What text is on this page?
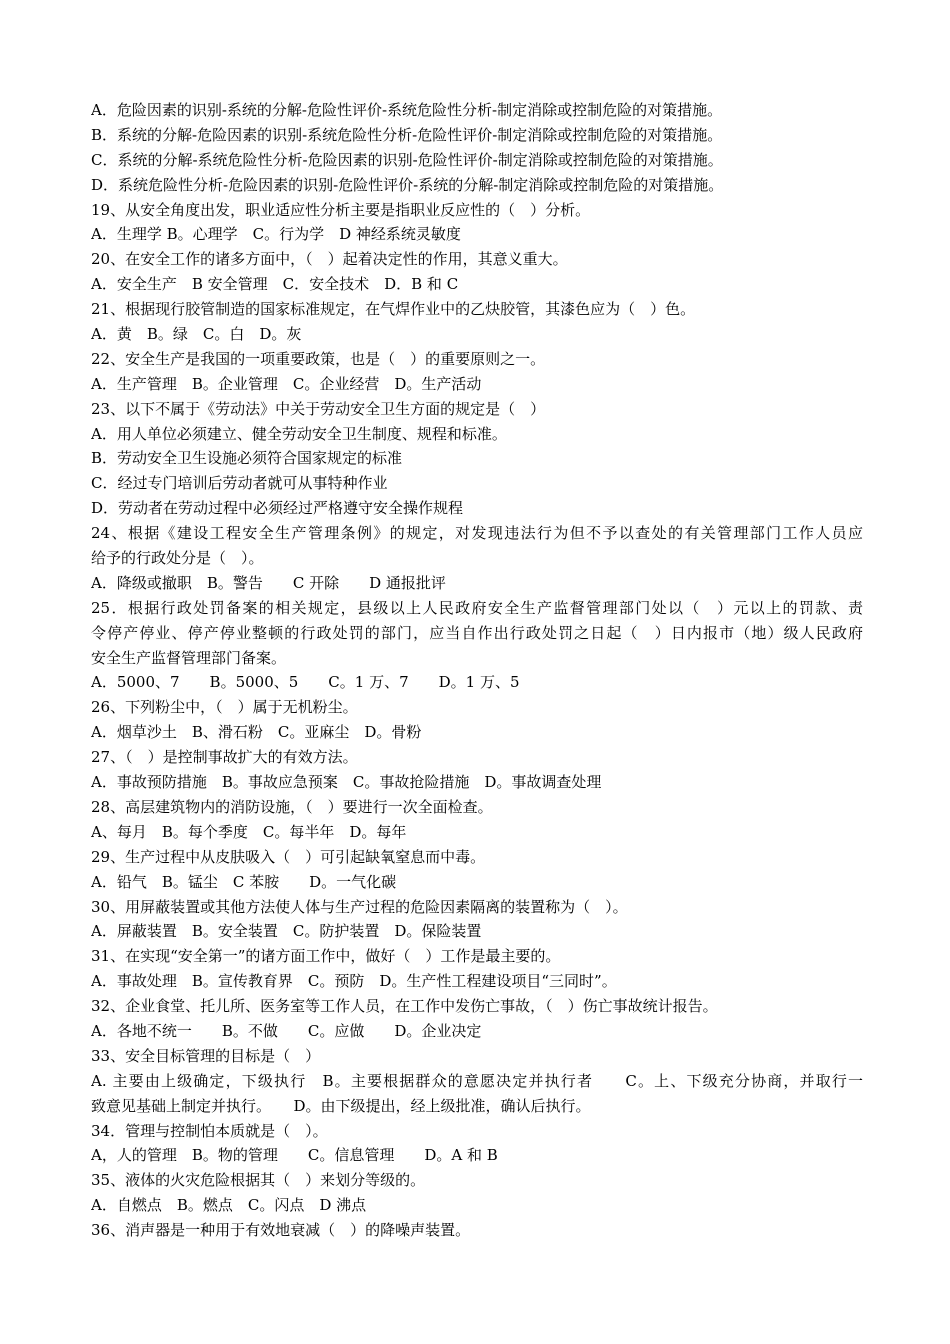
A．危险因素的识别-系统的分解-危险性评价-系统危险性分析-制定消除或控制危险的对策措施。
B．系统的分解-危险因素的识别-系统危险性分析-危险性评价-制定消除或控制危险的对策措施。
C．系统的分解-系统危险性分析-危险因素的识别-危险性评价-制定消除或控制危险的对策措施。
D．系统危险性分析-危险因素的识别-危险性评价-系统的分解-制定消除或控制危险的对策措施。
19、从安全角度出发，职业适应性分析主要是指职业反应性的（　）分析。
A．生理学 B。心理学　C。行为学　D 神经系统灵敏度
20、在安全工作的诸多方面中，（　）起着决定性的作用，其意义重大。
A．安全生产　B 安全管理　C．安全技术　D．B 和 C
21、根据现行胶管制造的国家标准规定，在气焊作业中的乙炔胶管，其漆色应为（　）色。
A．黄　B。绿　C。白　D。灰
22、安全生产是我国的一项重要政策，也是（　）的重要原则之一。
A．生产管理　B。企业管理　C。企业经营　D。生产活动
23、以下不属于《劳动法》中关于劳动安全卫生方面的规定是（　）
A．用人单位必须建立、健全劳动安全卫生制度、规程和标准。
B．劳动安全卫生设施必须符合国家规定的标准
C．经过专门培训后劳动者就可从事特种作业
D．劳动者在劳动过程中必须经过严格遵守安全操作规程
24、根据《建设工程安全生产管理条例》的规定，对发现违法行为但不予以查处的有关管理部门工作人员应
给予的行政处分是（　）。
A．降级或撤职　B。警告　　C 开除　　D 通报批评
25．根据行政处罚备案的相关规定，县级以上人民政府安全生产监督管理部门处以（　）元以上的罚款、责
令停产停业、停产停业整顿的行政处罚的部门，应当自作出行政处罚之日起（　）日内报市（地）级人民政府
安全生产监督管理部门备案。
A．5000、7　　B。5000、5　　C。1 万、7　　D。1 万、5
26、下列粉尘中，（　）属于无机粉尘。
A．烟草沙土　B、滑石粉　C。亚麻尘　D。骨粉
27、（　）是控制事故扩大的有效方法。
A．事故预防措施　B。事故应急预案　C。事故抢险措施　D。事故调查处理
28、高层建筑物内的消防设施，（　）要进行一次全面检查。
A、每月　B。每个季度　C。每半年　D。每年
29、生产过程中从皮肤吸入（　）可引起缺氧窒息而中毒。
A．铅气　B。锰尘　C 苯胺　　D。一气化碳
30、用屏蔽装置或其他方法使人体与生产过程的危险因素隔离的装置称为（　）。
A．屏蔽装置　B。安全装置　C。防护装置　D。保险装置
31、在实现“安全第一”的诸方面工作中，做好（　）工作是最主要的。
A．事故处理　B。宣传教育界　C。预防　D。生产性工程建设项目“三同时”。
32、企业食堂、托儿所、医务室等工作人员，在工作中发伤亡事故，（　）伤亡事故统计报告。
A．各地不统一　　B。不做　　C。应做　　D。企业决定
33、安全目标管理的目标是（　）
A. 主要由上级确定，下级执行　B。主要根据群众的意愿决定并执行者　　C。上、下级充分协商，并取行一
致意见基础上制定并执行。　　D。由下级提出，经上级批准，确认后执行。
34．管理与控制怕本质就是（　）。
A，人的管理　B。物的管理　　C。信息管理　　D。A 和 B
35、液体的火灾危险根据其（　）来划分等级的。
A．自燃点　B。燃点　C。闪点　D 沸点
36、消声器是一种用于有效地衰减（　）的降噪声装置。
